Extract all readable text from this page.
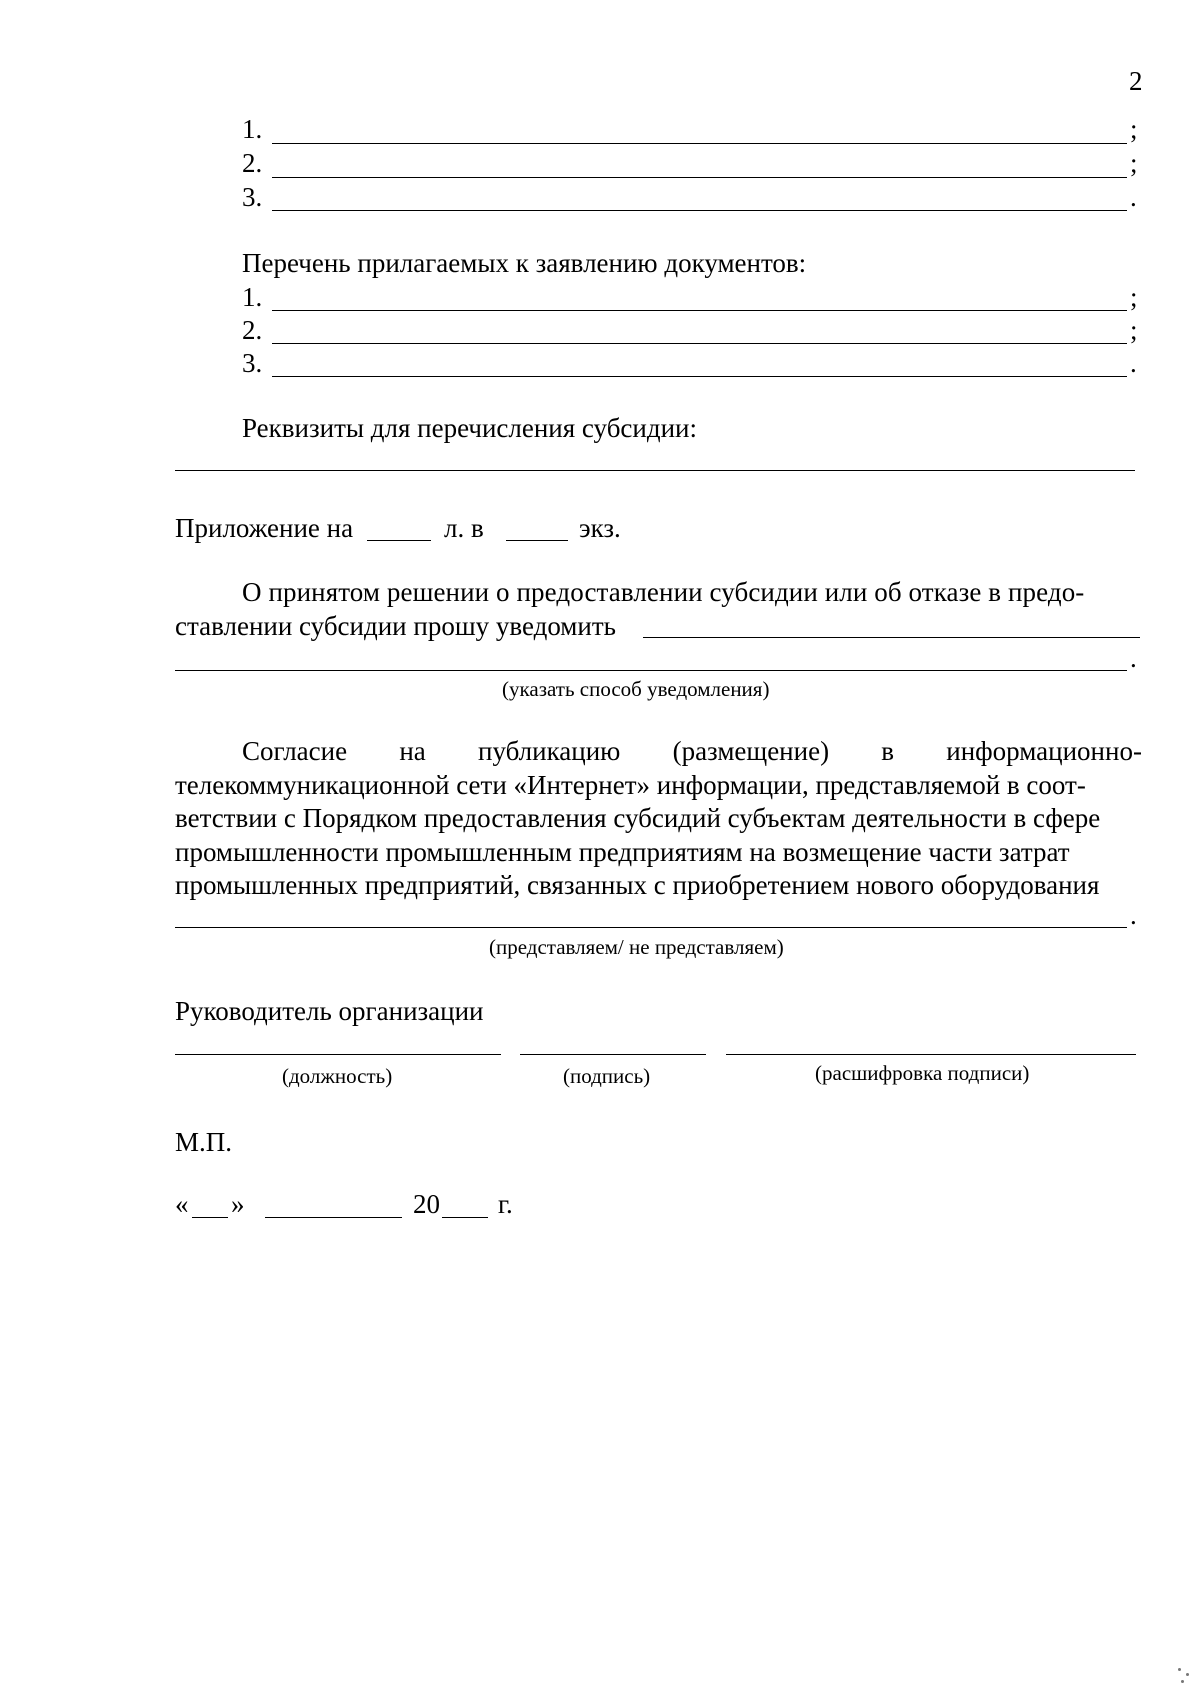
2
1.	;
2.	;
3.	.
Перечень прилагаемых к заявлению документов:
1.	;
2.	;
3.	.
Реквизиты для перечисления субсидии:
Приложение на	л. в	экз.
О принятом решении о предоставлении субсидии или об отказе в предо-
ставлении субсидии прошу уведомить
.
(указать способ уведомления)
Согласие на публикацию (размещение) в информационно-
телекоммуникационной сети «Интернет» информации, представляемой в соот-
ветствии с Порядком предоставления субсидий субъектам деятельности в сфере
промышленности промышленным предприятиям на возмещение части затрат
промышленных предприятий, связанных с приобретением нового оборудования
.
(представляем/ не представляем)
Руководитель организации
(должность)	(подпись)	(расшифровка подписи)
М.П.
« »	20 г.
